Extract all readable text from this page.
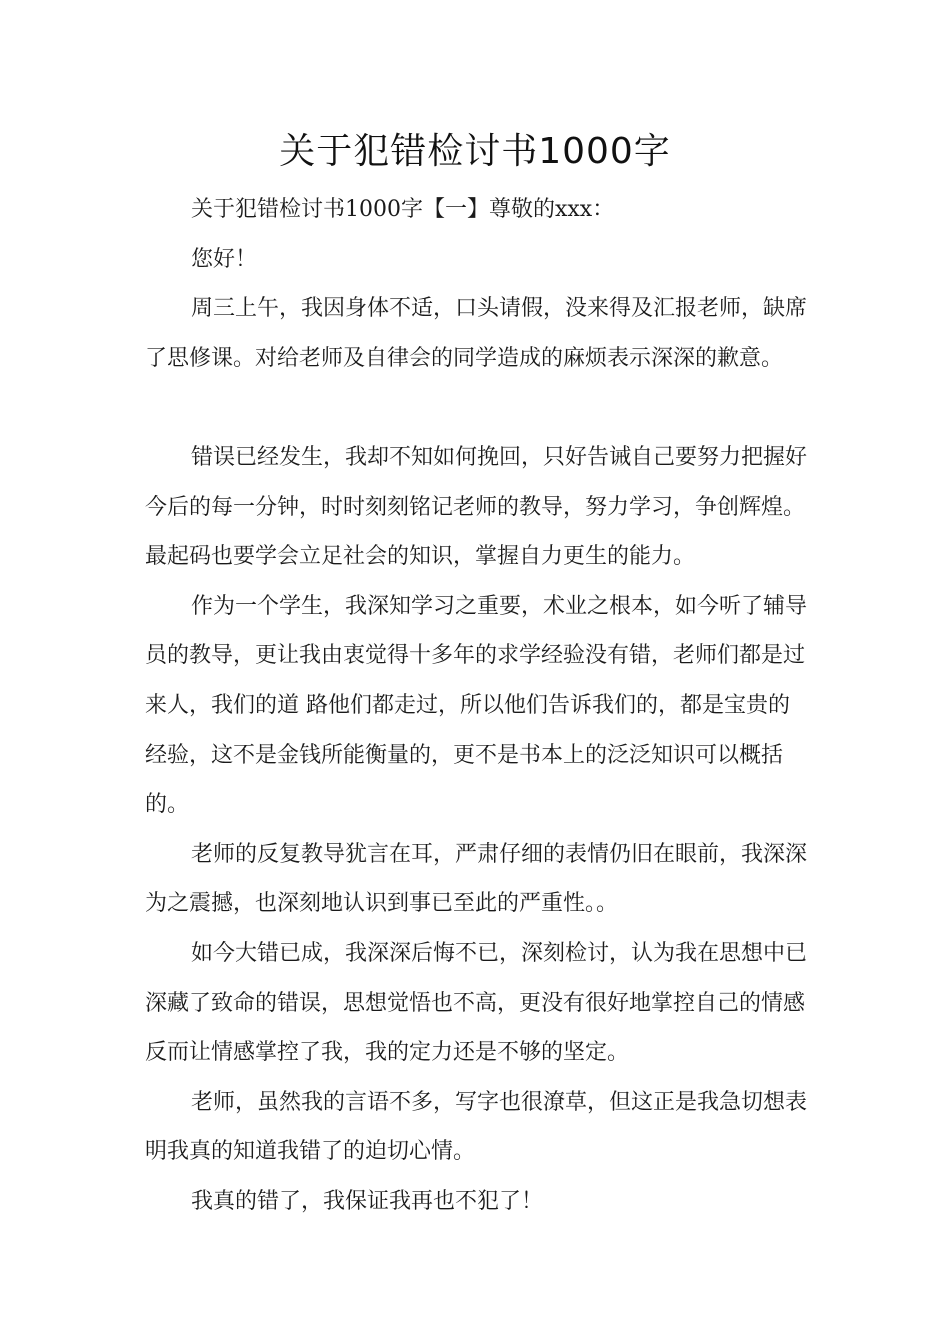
关于犯错检讨书1000字

关于犯错检讨书1000字【一】尊敬的xxx：

您好！

周三上午，我因身体不适，口头请假，没来得及汇报老师，缺席了思修课。对给老师及自律会的同学造成的麻烦表示深深的歉意。

错误已经发生，我却不知如何挽回，只好告诫自己要努力把握好今后的每一分钟，时时刻刻铭记老师的教导，努力学习，争创辉煌。最起码也要学会立足社会的知识，掌握自力更生的能力。

作为一个学生，我深知学习之重要，术业之根本，如今听了辅导员的教导，更让我由衷觉得十多年的求学经验没有错，老师们都是过来人，我们的道 路他们都走过，所以他们告诉我们的，都是宝贵的经验，这不是金钱所能衡量的，更不是书本上的泛泛知识可以概括的。

老师的反复教导犹言在耳，严肃仔细的表情仍旧在眼前，我深深为之震撼，也深刻地认识到事已至此的严重性。。

如今大错已成，我深深后悔不已，深刻检讨，认为我在思想中已深藏了致命的错误，思想觉悟也不高，更没有很好地掌控自己的情感反而让情感掌控了我，我的定力还是不够的坚定。

老师，虽然我的言语不多，写字也很潦草，但这正是我急切想表明我真的知道我错了的迫切心情。

我真的错了，我保证我再也不犯了！
